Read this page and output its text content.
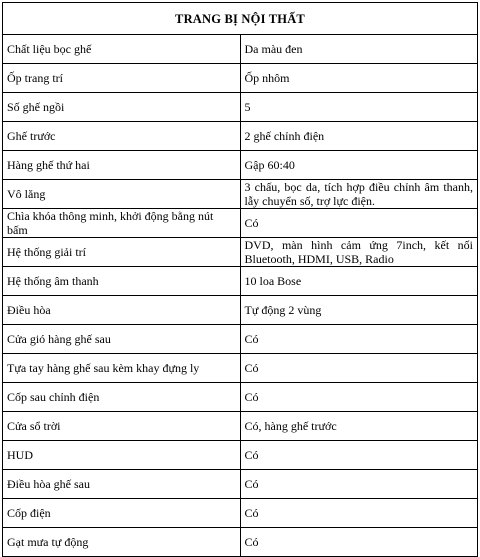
TRANG BỊ NỘI THẤT	
Chất liệu bọc ghế	Da màu đen
Ốp trang trí	Ốp nhôm
Số ghế ngồi	5
Ghế trước	2 ghế chỉnh điện
Hàng ghế thứ hai	Gập 60:40
Vô lăng	3 chấu, bọc da, tích hợp điều chỉnh âm thanh, lẫy chuyển số, trợ lực điện.
Chìa khóa thông minh, khởi động bằng nút bấm	Có
Hệ thống giải trí	DVD, màn hình cảm ứng 7inch, kết nối Bluetooth, HDMI, USB, Radio
Hệ thống âm thanh	10 loa Bose
Điều hòa	Tự động 2 vùng
Cửa gió hàng ghế sau	Có
Tựa tay hàng ghế sau kèm khay đựng ly	Có
Cốp sau chỉnh điện	Có
Cửa sổ trời	Có, hàng ghế trước
HUD	Có
Điều hòa ghế sau	Có
Cốp điện	Có
Gạt mưa tự động	Có
